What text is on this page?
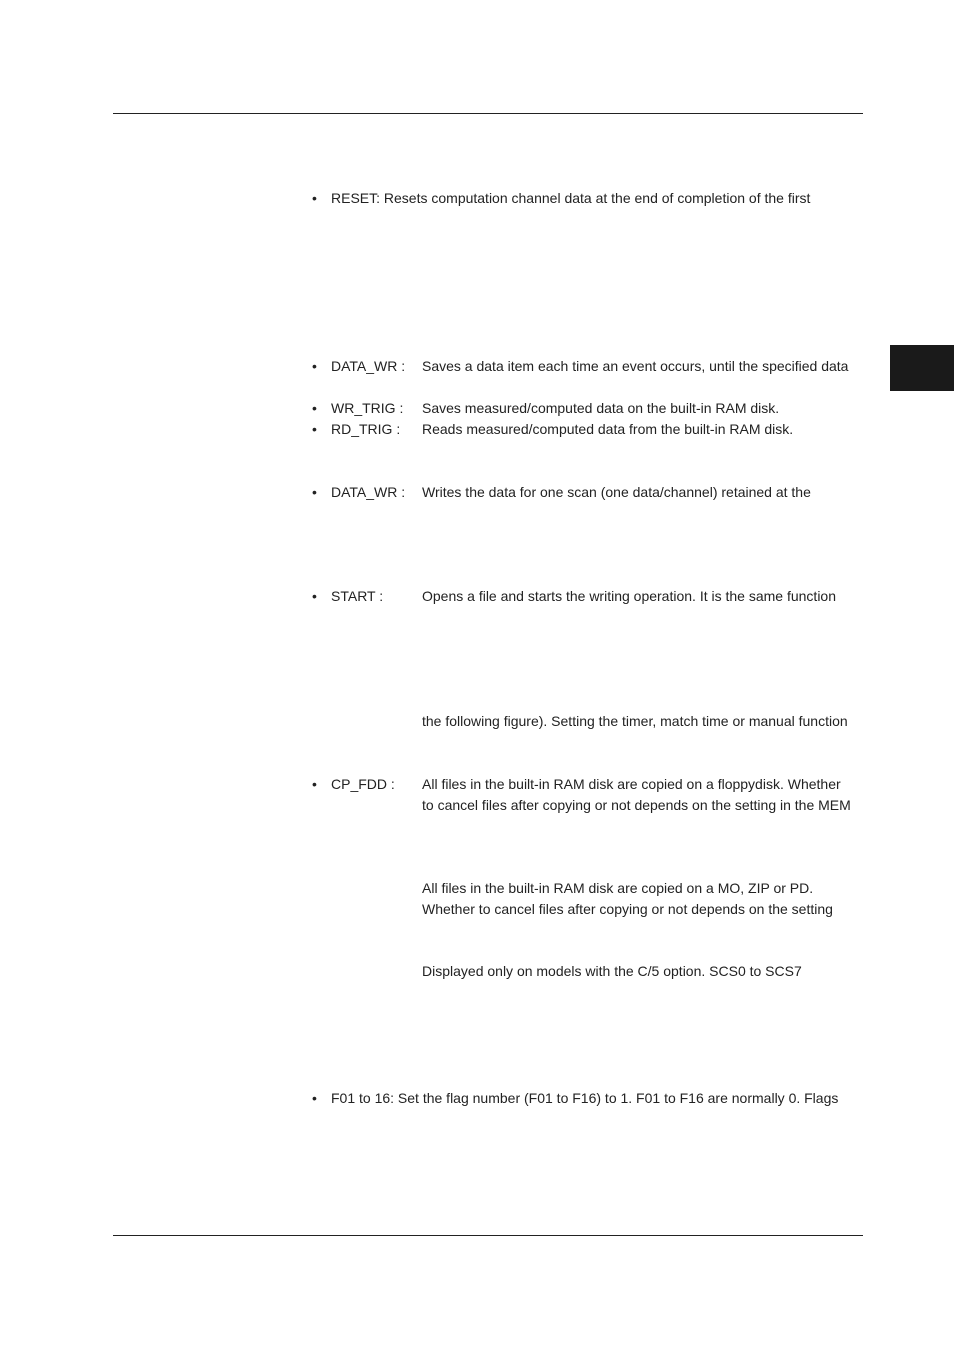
• RESET: Resets computation channel data at the end of completion of the first
• DATA_WR : Saves a data item each time an event occurs, until the specified data
• WR_TRIG : Saves measured/computed data on the built-in RAM disk.
• RD_TRIG : Reads measured/computed data from the built-in RAM disk.
• DATA_WR : Writes the data for one scan (one data/channel) retained at the
• START :	Opens a file and starts the writing operation. It is the same function
the following figure). Setting the timer, match time or manual function
• CP_FDD : All files in the built-in RAM disk are copied on a floppydisk. Whether
to cancel files after copying or not depends on the setting in the MEM
All files in the built-in RAM disk are copied on a MO, ZIP or PD.
Whether to cancel files after copying or not depends on the setting
Displayed only on models with the C/5 option. SCS0 to SCS7
• F01 to 16: Set the flag number (F01 to F16) to 1. F01 to F16 are normally 0. Flags
